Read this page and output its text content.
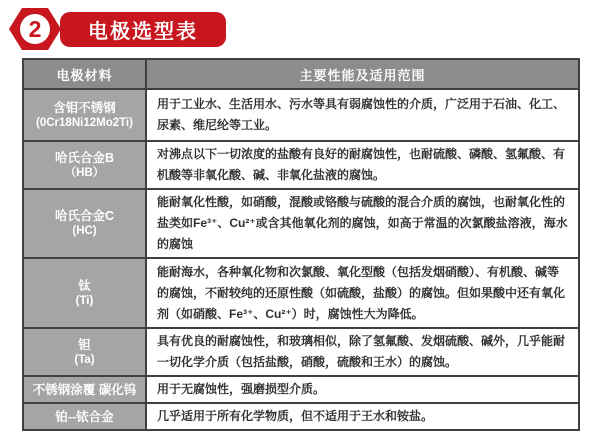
2 电极选型表
电极材料	主要性能及适用范围

含钼不锈钢
(0Cr18Ni12Mo2Ti)	用于工业水、生活用水、污水等具有弱腐蚀性的介质，广泛用于石油、化工、尿素、维尼纶等工业。

哈氏合金B
（HB）	对沸点以下一切浓度的盐酸有良好的耐腐蚀性，也耐硫酸、磷酸、氢氟酸、有机酸等非氧化酸、碱、非氧化盐液的腐蚀。

哈氏合金C
(HC)	能耐氧化性酸，如硝酸，混酸或铬酸与硫酸的混合介质的腐蚀，也耐氧化性的盐类如Fe³⁺、Cu²⁺或含其他氧化剂的腐蚀，如高于常温的次氯酸盐溶液，海水的腐蚀

钛
(Ti)	能耐海水，各种氧化物和次氯酸、氧化型酸（包括发烟硝酸）、有机酸、碱等的腐蚀，不耐较纯的还原性酸（如硫酸，盐酸）的腐蚀。但如果酸中还有氧化剂（如硝酸、Fe³⁺、Cu²⁺）时，腐蚀性大为降低。

钽
(Ta)	具有优良的耐腐蚀性，和玻璃相似，除了氢氟酸、发烟硫酸、碱外，几乎能耐一切化学介质（包括盐酸，硝酸，硫酸和王水）的腐蚀。

不锈钢涂覆 碳化钨	用于无腐蚀性，强磨损型介质。

铂--铱合金	几乎适用于所有化学物质，但不适用于王水和铵盐。
